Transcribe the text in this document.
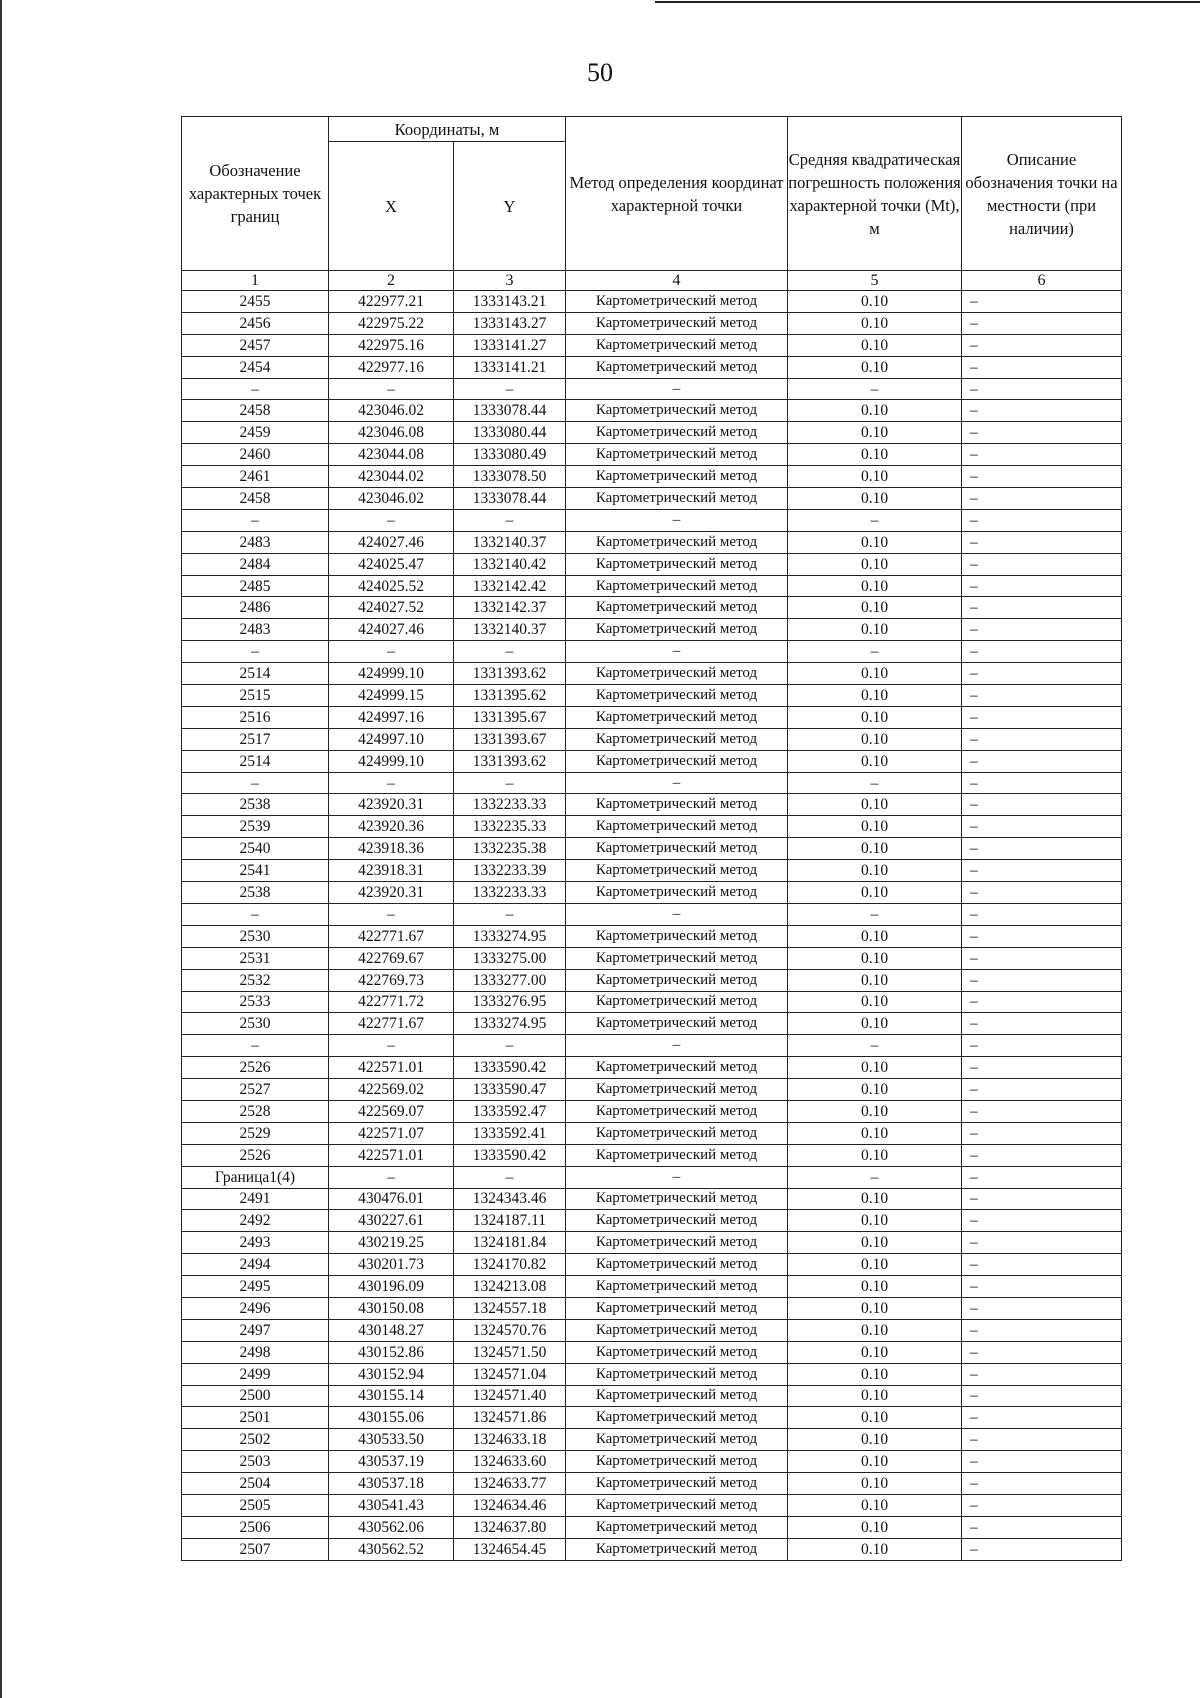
50
Обозначение характерных точек границ	Координаты, м		Метод определения координат характерной точки	Средняя квадратическая погрешность положения характерной точки (Mt), м	Описание обозначения точки на местности (при наличии)
	X	Y			
1	2	3	4	5	6
2455	422977.21	1333143.21	Картометрический метод	0.10	–
2456	422975.22	1333143.27	Картометрический метод	0.10	–
2457	422975.16	1333141.27	Картометрический метод	0.10	–
2454	422977.16	1333141.21	Картометрический метод	0.10	–
–	–	–	–	–	–
2458	423046.02	1333078.44	Картометрический метод	0.10	–
2459	423046.08	1333080.44	Картометрический метод	0.10	–
2460	423044.08	1333080.49	Картометрический метод	0.10	–
2461	423044.02	1333078.50	Картометрический метод	0.10	–
2458	423046.02	1333078.44	Картометрический метод	0.10	–
–	–	–	–	–	–
2483	424027.46	1332140.37	Картометрический метод	0.10	–
2484	424025.47	1332140.42	Картометрический метод	0.10	–
2485	424025.52	1332142.42	Картометрический метод	0.10	–
2486	424027.52	1332142.37	Картометрический метод	0.10	–
2483	424027.46	1332140.37	Картометрический метод	0.10	–
–	–	–	–	–	–
2514	424999.10	1331393.62	Картометрический метод	0.10	–
2515	424999.15	1331395.62	Картометрический метод	0.10	–
2516	424997.16	1331395.67	Картометрический метод	0.10	–
2517	424997.10	1331393.67	Картометрический метод	0.10	–
2514	424999.10	1331393.62	Картометрический метод	0.10	–
–	–	–	–	–	–
2538	423920.31	1332233.33	Картометрический метод	0.10	–
2539	423920.36	1332235.33	Картометрический метод	0.10	–
2540	423918.36	1332235.38	Картометрический метод	0.10	–
2541	423918.31	1332233.39	Картометрический метод	0.10	–
2538	423920.31	1332233.33	Картометрический метод	0.10	–
–	–	–	–	–	–
2530	422771.67	1333274.95	Картометрический метод	0.10	–
2531	422769.67	1333275.00	Картометрический метод	0.10	–
2532	422769.73	1333277.00	Картометрический метод	0.10	–
2533	422771.72	1333276.95	Картометрический метод	0.10	–
2530	422771.67	1333274.95	Картометрический метод	0.10	–
–	–	–	–	–	–
2526	422571.01	1333590.42	Картометрический метод	0.10	–
2527	422569.02	1333590.47	Картометрический метод	0.10	–
2528	422569.07	1333592.47	Картометрический метод	0.10	–
2529	422571.07	1333592.41	Картометрический метод	0.10	–
2526	422571.01	1333590.42	Картометрический метод	0.10	–
Граница1(4)	–	–	–	–	–
2491	430476.01	1324343.46	Картометрический метод	0.10	–
2492	430227.61	1324187.11	Картометрический метод	0.10	–
2493	430219.25	1324181.84	Картометрический метод	0.10	–
2494	430201.73	1324170.82	Картометрический метод	0.10	–
2495	430196.09	1324213.08	Картометрический метод	0.10	–
2496	430150.08	1324557.18	Картометрический метод	0.10	–
2497	430148.27	1324570.76	Картометрический метод	0.10	–
2498	430152.86	1324571.50	Картометрический метод	0.10	–
2499	430152.94	1324571.04	Картометрический метод	0.10	–
2500	430155.14	1324571.40	Картометрический метод	0.10	–
2501	430155.06	1324571.86	Картометрический метод	0.10	–
2502	430533.50	1324633.18	Картометрический метод	0.10	–
2503	430537.19	1324633.60	Картометрический метод	0.10	–
2504	430537.18	1324633.77	Картометрический метод	0.10	–
2505	430541.43	1324634.46	Картометрический метод	0.10	–
2506	430562.06	1324637.80	Картометрический метод	0.10	–
2507	430562.52	1324654.45	Картометрический метод	0.10	–
